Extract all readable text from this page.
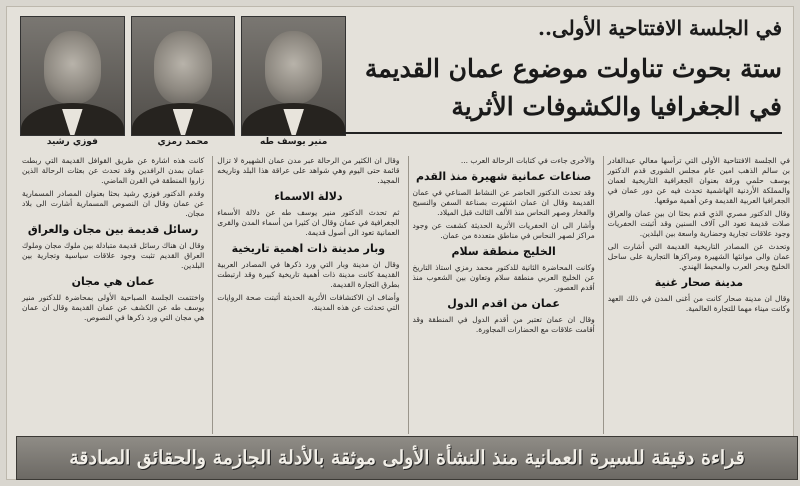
فوزي رشيد	محمد رمزي	منير يوسف طه
في الجلسة الافتتاحية الأولى..
ستة بحوث تناولت موضوع عمان القديمة
في الجغرافيا والكشوفات الأثرية
في الجلسة الافتتاحية الأولى التي ترأسها معالي عبدالقادر بن سالم الذهب امين عام مجلس الشورى قدم الدكتور يوسف حلمي ورقة بعنوان الجغرافية التاريخية لعمان والمملكة الأردنية الهاشمية تحدث فيه عن دور عمان في الجغرافيا العربية القديمة وعن أهمية موقعها.
وقال الدكتور مصري الذي قدم بحثا ان بين عمان والعراق صلات قديمة تعود الى آلاف السنين وقد أثبتت الحفريات وجود علاقات تجارية وحضارية واسعة بين البلدين.
وتحدث عن المصادر التاريخية القديمة التي أشارت الى عمان والى موانئها الشهيرة ومراكزها التجارية على ساحل الخليج وبحر العرب والمحيط الهندي.
مدينة صحار غنية
وقال ان مدينة صحار كانت من أغنى المدن في ذلك العهد وكانت ميناء مهما للتجارة العالمية.
والأخرى جاءت في كتابات الرحالة العرب ...
صناعات عمانية شهيرة منذ القدم
وقد تحدث الدكتور الحاضر عن النشاط الصناعي في عمان القديمة وقال ان عمان اشتهرت بصناعة السفن والنسيج والفخار وصهر النحاس منذ الألف الثالث قبل الميلاد.
وأشار الى ان الحفريات الأثرية الحديثة كشفت عن وجود مراكز لصهر النحاس في مناطق متعددة من عمان.
الخليج منطقة سلام
وكانت المحاضرة الثانية للدكتور محمد رمزي استاذ التاريخ عن الخليج العربي منطقة سلام وتعاون بين الشعوب منذ أقدم العصور.
عمان من اقدم الدول
وقال ان عمان تعتبر من أقدم الدول في المنطقة وقد أقامت علاقات مع الحضارات المجاورة.
وقال ان الكثير من الرحالة عبر مدن عمان الشهيرة لا تزال قائمة حتى اليوم وهي شواهد على عراقة هذا البلد وتاريخه المجيد.
دلالة الاسماء
ثم تحدث الدكتور منير يوسف طه عن دلالة الأسماء الجغرافية في عمان وقال ان كثيرا من أسماء المدن والقرى العمانية تعود الى أصول قديمة.
وبار مدينة ذات اهمية تاريخية
وقال ان مدينة وبار التي ورد ذكرها في المصادر العربية القديمة كانت مدينة ذات أهمية تاريخية كبيرة وقد ارتبطت بطرق التجارة القديمة.
وأضاف ان الاكتشافات الأثرية الحديثة أثبتت صحة الروايات التي تحدثت عن هذه المدينة.
كانت هذه اشارة عن طريق القوافل القديمة التي ربطت عمان بمدن الرافدين وقد تحدث عن بعثات الرحالة الذين زاروا المنطقة في القرن الماضي.
وقدم الدكتور فوزي رشيد بحثا بعنوان المصادر المسمارية عن عمان وقال ان النصوص المسمارية أشارت الى بلاد مجان.
رسائل قديمة بين مجان والعراق
وقال ان هناك رسائل قديمة متبادلة بين ملوك مجان وملوك العراق القديم تثبت وجود علاقات سياسية وتجارية بين البلدين.
عمان هي مجان
واختتمت الجلسة الصباحية الأولى بمحاضرة للدكتور منير يوسف طه عن الكشف عن عمان القديمة وقال ان عمان هي مجان التي ورد ذكرها في النصوص.
قراءة دقيقة للسيرة العمانية منذ النشأة الأولى موثقة بالأدلة الجازمة والحقائق الصادقة
